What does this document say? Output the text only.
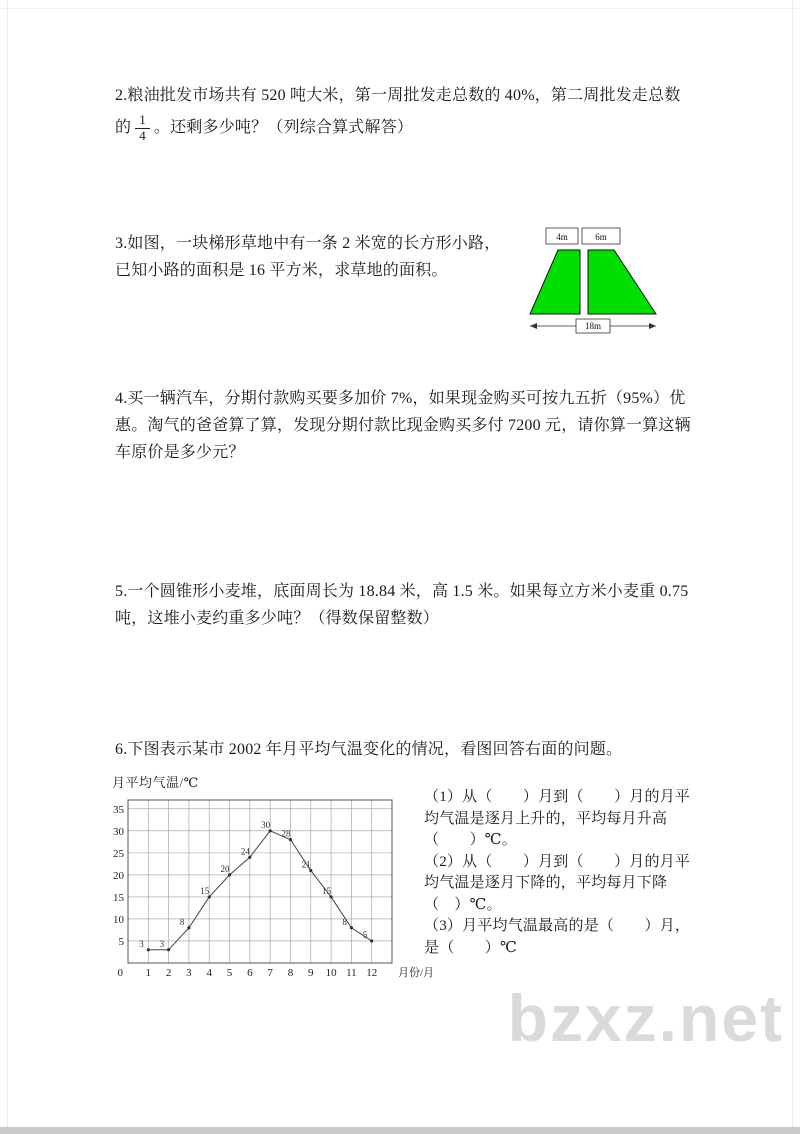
2.粮油批发市场共有 520 吨大米，第一周批发走总数的 40%，第二周批发走总数
的 $\frac{1}{4}$ 。还剩多少吨？（列综合算式解答）
3.如图，一块梯形草地中有一条 2 米宽的长方形小路，
已知小路的面积是 16 平方米，求草地的面积。
4m	6m
18m
4.买一辆汽车，分期付款购买要多加价 7%，如果现金购买可按九五折（95%）优惠。淘气的爸爸算了算，发现分期付款比现金购买多付 7200 元，请你算一算这辆车原价是多少元？
5.一个圆锥形小麦堆，底面周长为 18.84 米，高 1.5 米。如果每立方米小麦重 0.75 吨，这堆小麦约重多少吨？（得数保留整数）
6.下图表示某市 2002 年月平均气温变化的情况，看图回答右面的问题。
月平均气温/℃
5
10
15
20
25
30
35
1 2 3 4 5 6 7 8 9 10 11 12
0	月份/月
3 3
8
15
20
24
30
28
21
15
8
5
（1）从（　　）月到（　　）月的月平均气温是逐月上升的，平均每月升高（　　）℃。
（2）从（　　）月到（　　）月的月平均气温是逐月下降的，平均每月下降（　）℃。
（3）月平均气温最高的是（　　）月，是（　　）℃
bzxz.net
